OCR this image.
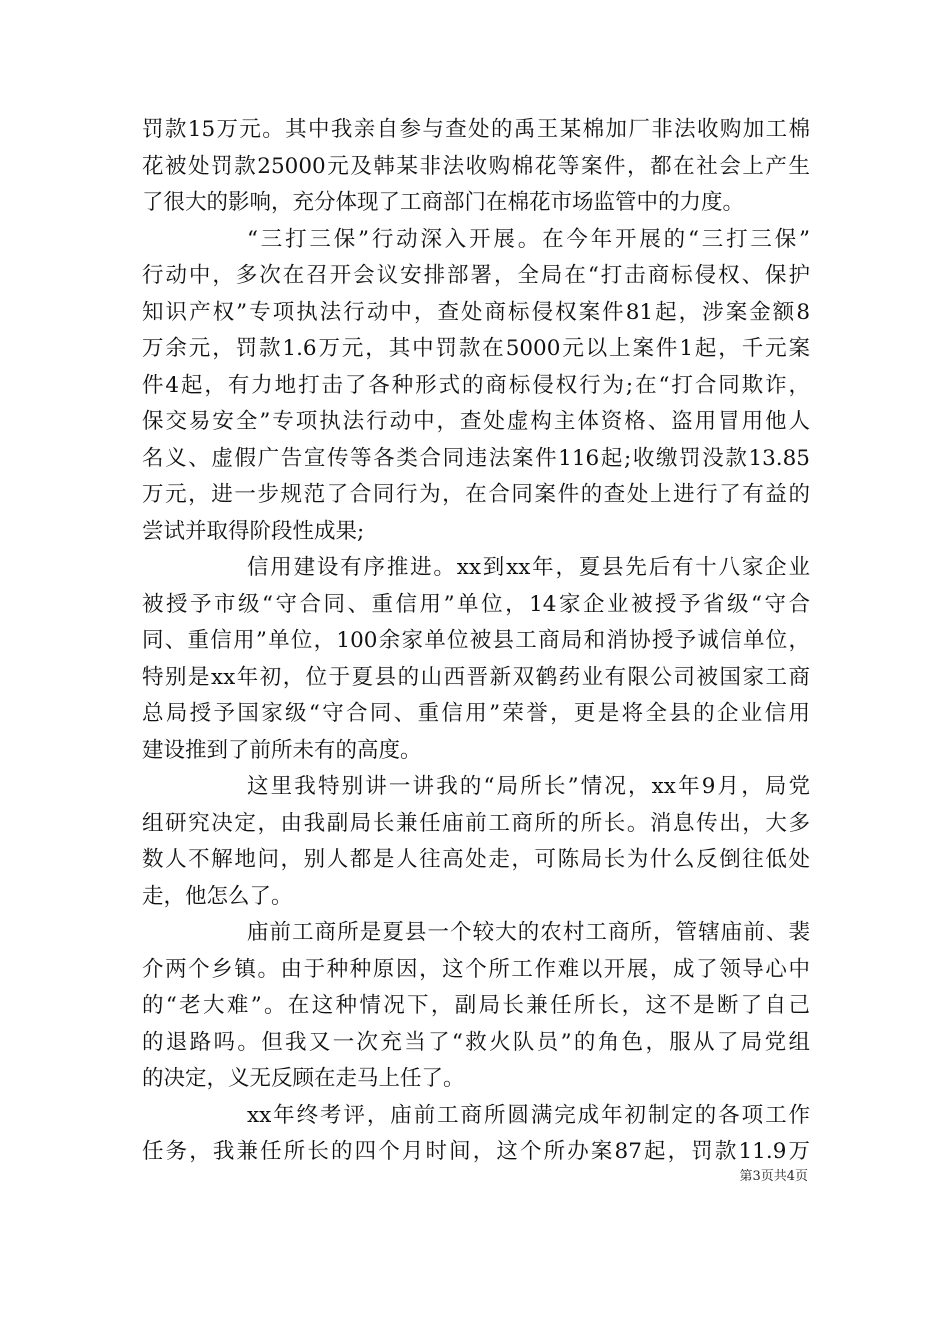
罚款15万元。其中我亲自参与查处的禹王某棉加厂非法收购加工棉
花被处罚款25000元及韩某非法收购棉花等案件，都在社会上产生
了很大的影响，充分体现了工商部门在棉花市场监管中的力度。
“三打三保”行动深入开展。在今年开展的“三打三保”
行动中，多次在召开会议安排部署，全局在“打击商标侵权、保护
知识产权”专项执法行动中，查处商标侵权案件81起，涉案金额8
万余元，罚款1.6万元，其中罚款在5000元以上案件1起，千元案
件4起，有力地打击了各种形式的商标侵权行为;在“打合同欺诈，
保交易安全”专项执法行动中，查处虚构主体资格、盗用冒用他人
名义、虚假广告宣传等各类合同违法案件116起;收缴罚没款13.85
万元，进一步规范了合同行为，在合同案件的查处上进行了有益的
尝试并取得阶段性成果;
信用建设有序推进。xx到xx年，夏县先后有十八家企业
被授予市级“守合同、重信用”单位，14家企业被授予省级“守合
同、重信用”单位，100余家单位被县工商局和消协授予诚信单位，
特别是xx年初，位于夏县的山西晋新双鹤药业有限公司被国家工商
总局授予国家级“守合同、重信用”荣誉，更是将全县的企业信用
建设推到了前所未有的高度。
这里我特别讲一讲我的“局所长”情况，xx年9月，局党
组研究决定，由我副局长兼任庙前工商所的所长。消息传出，大多
数人不解地问，别人都是人往高处走，可陈局长为什么反倒往低处
走，他怎么了。
庙前工商所是夏县一个较大的农村工商所，管辖庙前、裴
介两个乡镇。由于种种原因，这个所工作难以开展，成了领导心中
的“老大难”。在这种情况下，副局长兼任所长，这不是断了自己
的退路吗。但我又一次充当了“救火队员”的角色，服从了局党组
的决定，义无反顾在走马上任了。
xx年终考评，庙前工商所圆满完成年初制定的各项工作
任务，我兼任所长的四个月时间，这个所办案87起，罚款11.9万
第3页共4页
